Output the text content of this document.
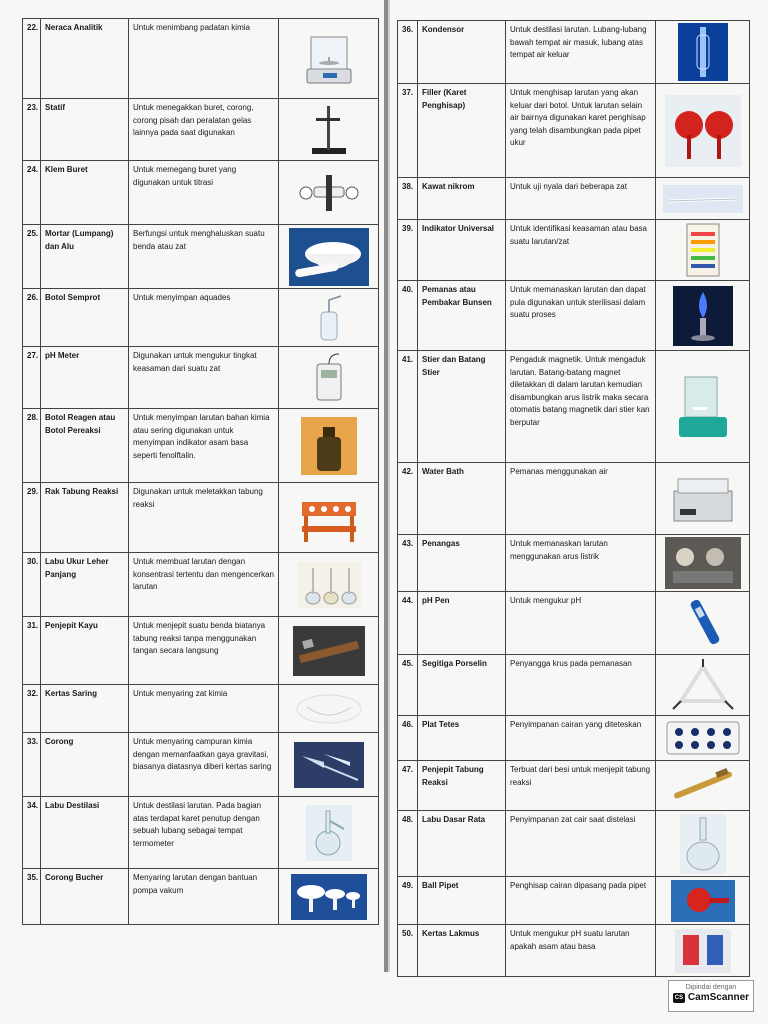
22.	Neraca Analitik	Untuk menimbang padatan kimia	

23.	Statif	Untuk menegakkan buret, corong, corong pisah dan peralatan gelas lainnya pada saat digunakan	

24.	Klem Buret	Untuk memegang buret yang digunakan untuk titrasi	

25.	Mortar (Lumpang) dan Alu	Berfungsi untuk menghaluskan suatu benda atau zat	

26.	Botol Semprot	Untuk menyimpan aquades	

27.	pH Meter	Digunakan untuk mengukur tingkat keasaman dari suatu zat	

28.	Botol Reagen atau Botol Pereaksi	Untuk menyimpan larutan bahan kimia atau sering digunakan untuk menyimpan indikator asam basa seperti fenolftalin.	

29.	Rak Tabung Reaksi	Digunakan untuk meletakkan tabung reaksi	

30.	Labu Ukur Leher Panjang	Untuk membuat larutan dengan konsentrasi tertentu dan mengencerkan larutan	

31.	Penjepit Kayu	Untuk menjepit suatu benda biatanya tabung reaksi tanpa menggunakan tangan secara langsung	

32.	Kertas Saring	Untuk menyaring zat kimia	

33.	Corong	Untuk menyaring campuran kimia dengan memanfaatkan gaya gravitasi, biasanya diatasnya diberi kertas saring	

34.	Labu Destilasi	Untuk destilasi larutan. Pada bagian atas terdapat karet penutup dengan sebuah lubang sebagai tempat termometer	

35.	Corong Bucher	Menyaring larutan dengan bantuan pompa vakum	
36.	Kondensor	Untuk destilasi larutan. Lubang-lubang bawah tempat air masuk, lubang atas tempat air keluar	

37.	Filler (Karet Penghisap)	Untuk menghisap larutan yang akan keluar dari botol. Untuk larutan selain air bairnya digunakan karet penghisap yang telah disambungkan pada pipet ukur	

38.	Kawat nikrom	Untuk uji nyala dari beberapa zat	

39.	Indikator Universal	Untuk identifikasi keasaman atau basa suatu larutan/zat	

40.	Pemanas atau Pembakar Bunsen	Untuk memanaskan larutan dan dapat pula digunakan untuk sterilisasi dalam suatu proses	

41.	Stier dan Batang Stier	Pengaduk magnetik. Untuk mengaduk larutan. Batang-batang magnet diletakkan di dalam larutan kemudian disambungkan arus listrik maka secara otomatis batang magnetik dari stier kan berputar	

42.	Water Bath	Pemanas menggunakan air	

43.	Penangas	Untuk memanaskan larutan menggunakan arus listrik	

44.	pH Pen	Untuk mengukur pH	

45.	Segitiga Porselin	Penyangga krus pada pemanasan	

46.	Plat Tetes	Penyimpanan cairan yang diteteskan	

47.	Penjepit Tabung Reaksi	Terbuat dari besi untuk menjepit tabung reaksi	

48.	Labu Dasar Rata	Penyimpanan zat cair saat distelasi	

49.	Ball Pipet	Penghisap cairan dipasang pada pipet	

50.	Kertas Lakmus	Untuk mengukur pH suatu larutan apakah asam atau basa	
Dipindai dengan
CS CamScanner
